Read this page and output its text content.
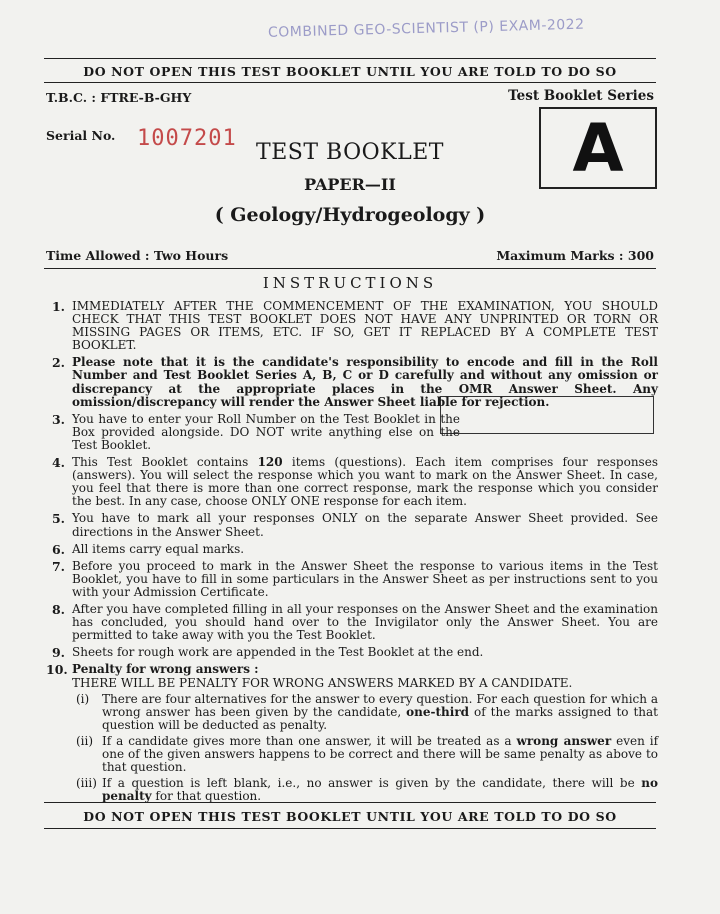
COMBINED GEO-SCIENTIST (P) EXAM-2022
DO NOT OPEN THIS TEST BOOKLET UNTIL YOU ARE TOLD TO DO SO
T.B.C. : FTRE-B-GHY	Test Booklet Series
Serial No. 1007201	A
TEST BOOKLET
PAPER—II
( Geology/Hydrogeology )
Time Allowed : Two Hours	Maximum Marks : 300
INSTRUCTIONS
1. IMMEDIATELY AFTER THE COMMENCEMENT OF THE EXAMINATION, YOU SHOULD CHECK THAT THIS TEST BOOKLET DOES NOT HAVE ANY UNPRINTED OR TORN OR MISSING PAGES OR ITEMS, ETC. IF SO, GET IT REPLACED BY A COMPLETE TEST BOOKLET.
2. Please note that it is the candidate's responsibility to encode and fill in the Roll Number and Test Booklet Series A, B, C or D carefully and without any omission or discrepancy at the appropriate places in the OMR Answer Sheet. Any omission/discrepancy will render the Answer Sheet liable for rejection.
3. You have to enter your Roll Number on the Test Booklet in the Box provided alongside. DO NOT write anything else on the Test Booklet.
4. This Test Booklet contains 120 items (questions). Each item comprises four responses (answers). You will select the response which you want to mark on the Answer Sheet. In case, you feel that there is more than one correct response, mark the response which you consider the best. In any case, choose ONLY ONE response for each item.
5. You have to mark all your responses ONLY on the separate Answer Sheet provided. See directions in the Answer Sheet.
6. All items carry equal marks.
7. Before you proceed to mark in the Answer Sheet the response to various items in the Test Booklet, you have to fill in some particulars in the Answer Sheet as per instructions sent to you with your Admission Certificate.
8. After you have completed filling in all your responses on the Answer Sheet and the examination has concluded, you should hand over to the Invigilator only the Answer Sheet. You are permitted to take away with you the Test Booklet.
9. Sheets for rough work are appended in the Test Booklet at the end.
10. Penalty for wrong answers :
THERE WILL BE PENALTY FOR WRONG ANSWERS MARKED BY A CANDIDATE.
(i)	There are four alternatives for the answer to every question. For each question for which a wrong answer has been given by the candidate, one-third of the marks assigned to that question will be deducted as penalty.
(ii) If a candidate gives more than one answer, it will be treated as a wrong answer even if one of the given answers happens to be correct and there will be same penalty as above to that question.
(iii) If a question is left blank, i.e., no answer is given by the candidate, there will be no penalty for that question.
DO NOT OPEN THIS TEST BOOKLET UNTIL YOU ARE TOLD TO DO SO
